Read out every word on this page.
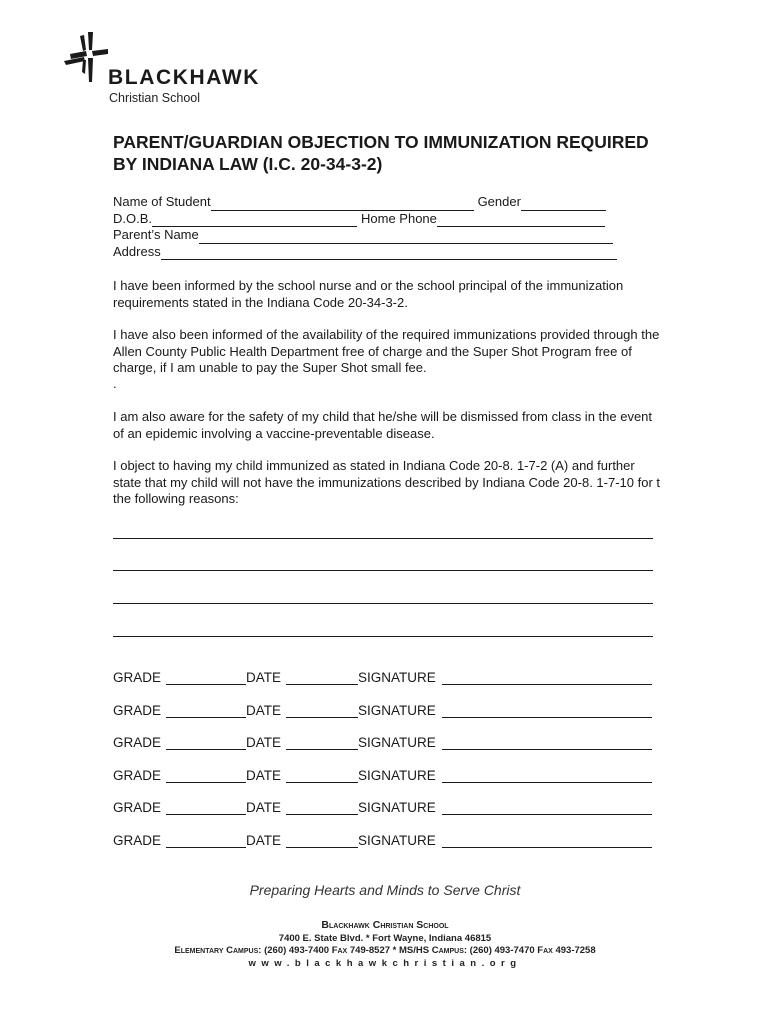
BLACKHAWK
Christian School
PARENT/GUARDIAN OBJECTION TO IMMUNIZATION REQUIRED BY INDIANA LAW (I.C. 20-34-3-2)
Name of Student	Gender
D.O.B.	Home Phone
Parent’s Name
Address

I have been informed by the school nurse and or the school principal of the immunization requirements stated in the Indiana Code 20-34-3-2.

I have also been informed of the availability of the required immunizations provided through the Allen County Public Health Department free of charge and the Super Shot Program free of charge, if I am unable to pay the Super Shot small fee.

.

I am also aware for the safety of my child that he/she will be dismissed from class in the event of an epidemic involving a vaccine-preventable disease.

I object to having my child immunized as stated in Indiana Code 20-8. 1-7-2 (A) and further state that my child will not have the immunizations described by Indiana Code 20-8. 1-7-10 for t the following reasons:

GRADE	DATE	SIGNATURE
GRADE	DATE	SIGNATURE
GRADE	DATE	SIGNATURE
GRADE	DATE	SIGNATURE
GRADE	DATE	SIGNATURE
GRADE	DATE	SIGNATURE
Preparing Hearts and Minds to Serve Christ
Blackhawk Christian School
7400 E. State Blvd. * Fort Wayne, Indiana 46815
Elementary Campus: (260) 493-7400 Fax 749-8527 * MS/HS Campus: (260) 493-7470 Fax 493-7258
www.blackhawkchristian.org
